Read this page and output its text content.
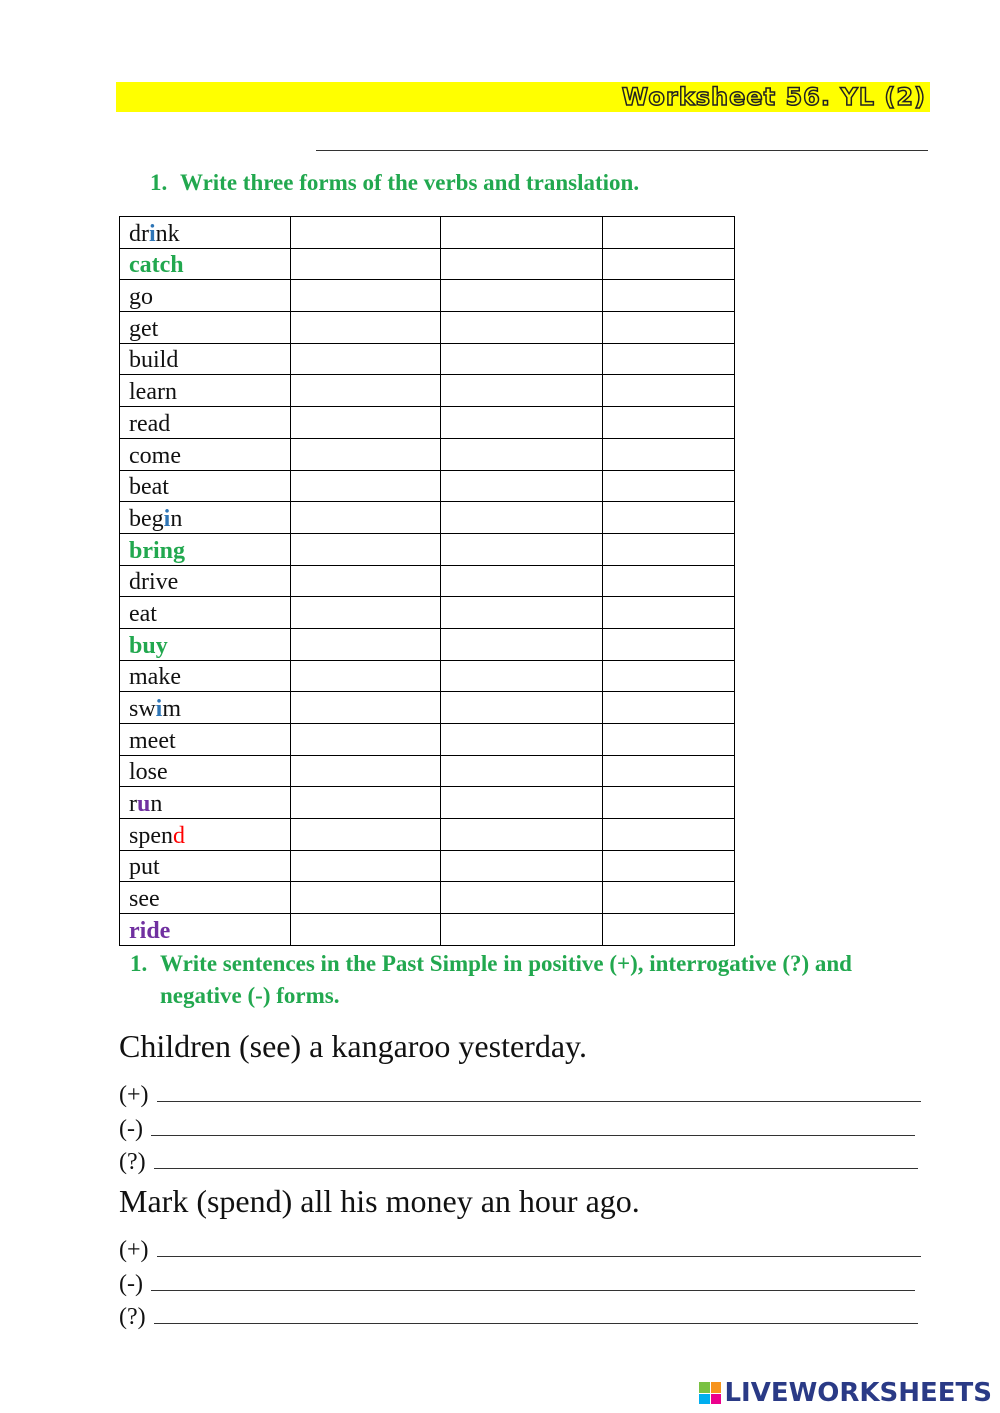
Worksheet 56. YL (2)
1. Write three forms of the verbs and translation.
drink			
catch			
go			
get			
build			
learn			
read			
come			
beat			
begin			
bring			
drive			
eat			
buy			
make			
swim			
meet			
lose			
run			
spend			
put			
see			
ride			
1. Write sentences in the Past Simple in positive (+), interrogative (?) and negative (-) forms.
Children (see) a kangaroo yesterday.
(+)
(-)
(?)
Mark (spend) all his money an hour ago.
(+)
(-)
(?)
LIVEWORKSHEETS
